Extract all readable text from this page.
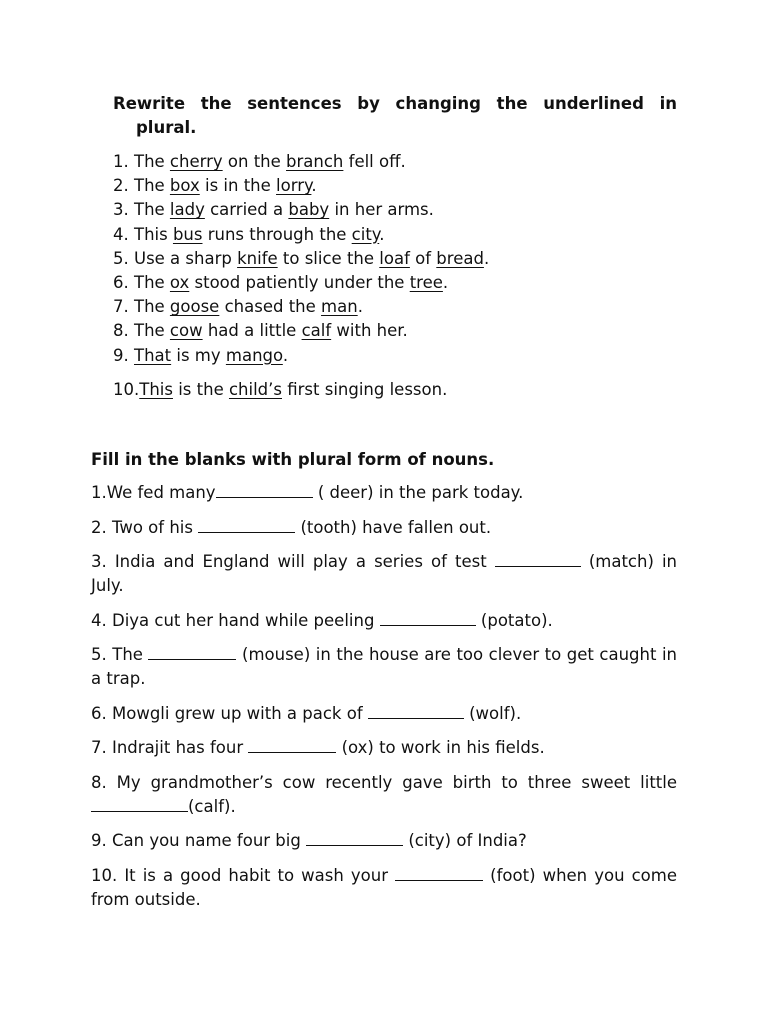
Rewrite the sentences by changing the underlined in
plural.
1. The cherry on the branch fell off.
2. The box is in the lorry.
3. The lady carried a baby in her arms.
4. This bus runs through the city.
5. Use a sharp knife to slice the loaf of bread.
6. The ox stood patiently under the tree.
7. The goose chased the man.
8. The cow had a little calf with her.
9. That is my mango.
10.This is the child’s first singing lesson.
Fill in the blanks with plural form of nouns.
1.We fed many	( deer) in the park today.
2. Two of his	(tooth) have fallen out.
3. India and England will play a series of test	(match) in July.
4. Diya cut her hand while peeling	(potato).
5. The	(mouse) in the house are too clever to get caught in a trap.
6. Mowgli grew up with a pack of	(wolf).
7. Indrajit has four	(ox) to work in his fields.
8. My grandmother’s cow recently gave birth to three sweet little (calf).
9. Can you name four big	(city) of India?
10. It is a good habit to wash your	(foot) when you come from outside.
